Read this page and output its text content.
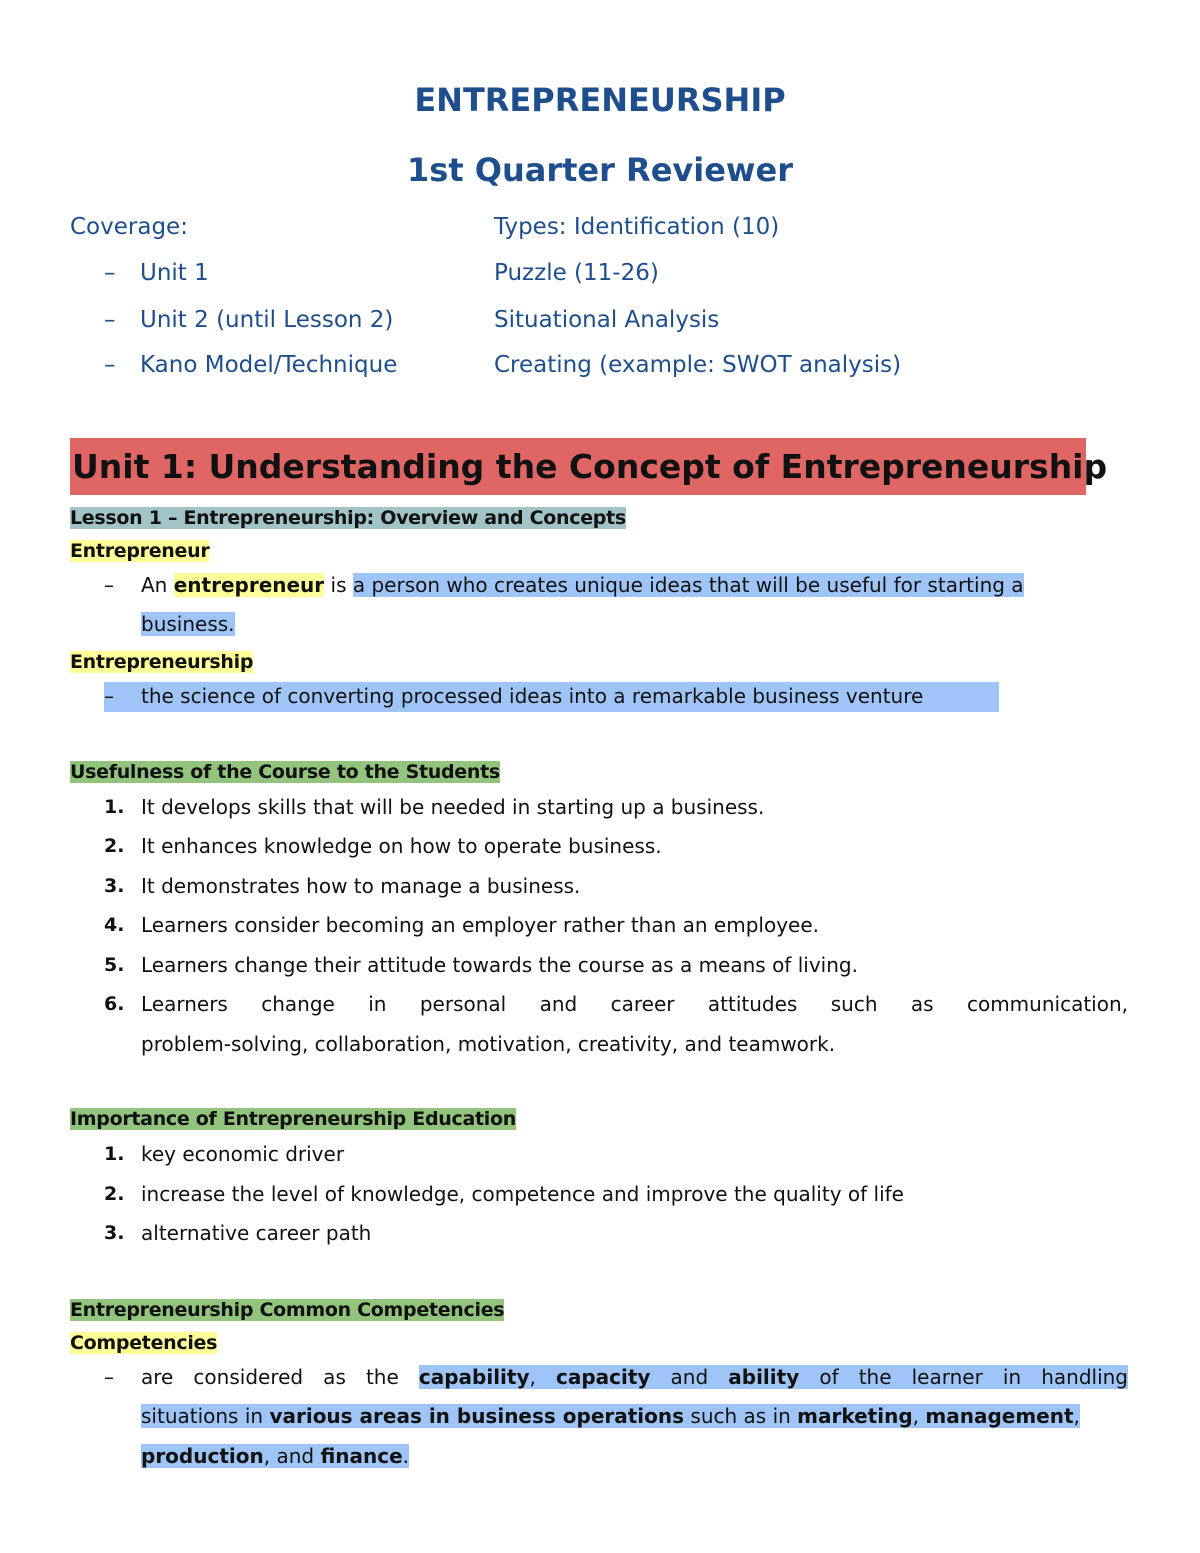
ENTREPRENEURSHIP
1st Quarter Reviewer
Coverage:
– Unit 1
– Unit 2 (until Lesson 2)
– Kano Model/Technique
Types: Identification (10)
Puzzle (11-26)
Situational Analysis
Creating (example: SWOT analysis)
Unit 1: Understanding the Concept of Entrepreneurship
Lesson 1 – Entrepreneurship: Overview and Concepts
Entrepreneur
– An entrepreneur is a person who creates unique ideas that will be useful for starting a
business.
Entrepreneurship
– the science of converting processed ideas into a remarkable business venture
Usefulness of the Course to the Students
1. It develops skills that will be needed in starting up a business.
2. It enhances knowledge on how to operate business.
3. It demonstrates how to manage a business.
4. Learners consider becoming an employer rather than an employee.
5. Learners change their attitude towards the course as a means of living.
6. Learners change in personal and career attitudes such as communication,
problem-solving, collaboration, motivation, creativity, and teamwork.
Importance of Entrepreneurship Education
1. key economic driver
2. increase the level of knowledge, competence and improve the quality of life
3. alternative career path
Entrepreneurship Common Competencies
Competencies
– are considered as the capability, capacity and ability of the learner in handling
situations in various areas in business operations such as in marketing, management,
production, and finance.
